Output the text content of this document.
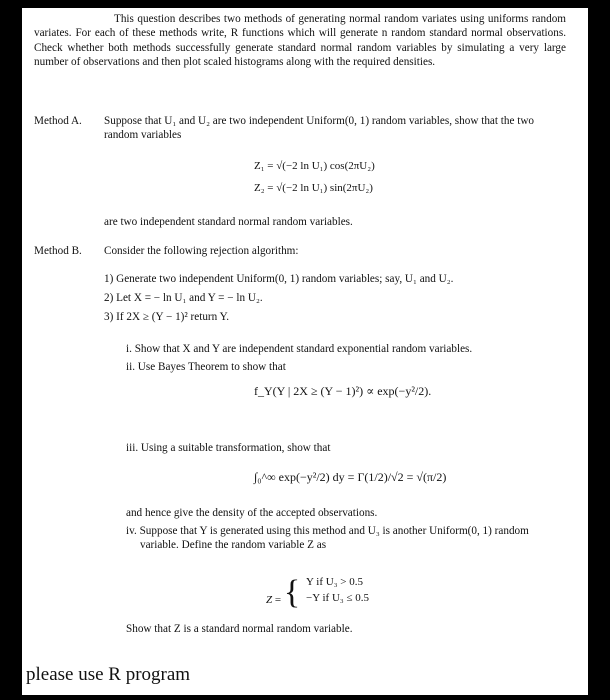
This question describes two methods of generating normal random variates using uniforms random variates. For each of these methods write, R functions which will generate n random standard normal observations. Check whether both methods successfully generate standard normal random variables by simulating a very large number of observations and then plot scaled histograms along with the required densities.
Method A.	Suppose that U₁ and U₂ are two independent Uniform(0, 1) random variables, show that the two random variables
Z₁ = √(−2 ln U₁) cos(2πU₂)
Z₂ = √(−2 ln U₁) sin(2πU₂)
are two independent standard normal random variables.
Method B.	Consider the following rejection algorithm:
1) Generate two independent Uniform(0, 1) random variables; say, U₁ and U₂.
2) Let X = − ln U₁ and Y = − ln U₂.
3) If 2X ≥ (Y − 1)² return Y.
i. Show that X and Y are independent standard exponential random variables.
ii. Use Bayes Theorem to show that
f_Y(Y | 2X ≥ (Y − 1)²) ∝ exp(−y²/2).
iii. Using a suitable transformation, show that
∫₀^∞ exp(−y²/2) dy = Γ(1/2)/√2 = √(π/2)
and hence give the density of the accepted observations.
iv. Suppose that Y is generated using this method and U₃ is another Uniform(0, 1) random variable. Define the random variable Z as
Z = { Y if U₃ > 0.5
−Y if U₃ ≤ 0.5
Show that Z is a standard normal random variable.
please use R program
